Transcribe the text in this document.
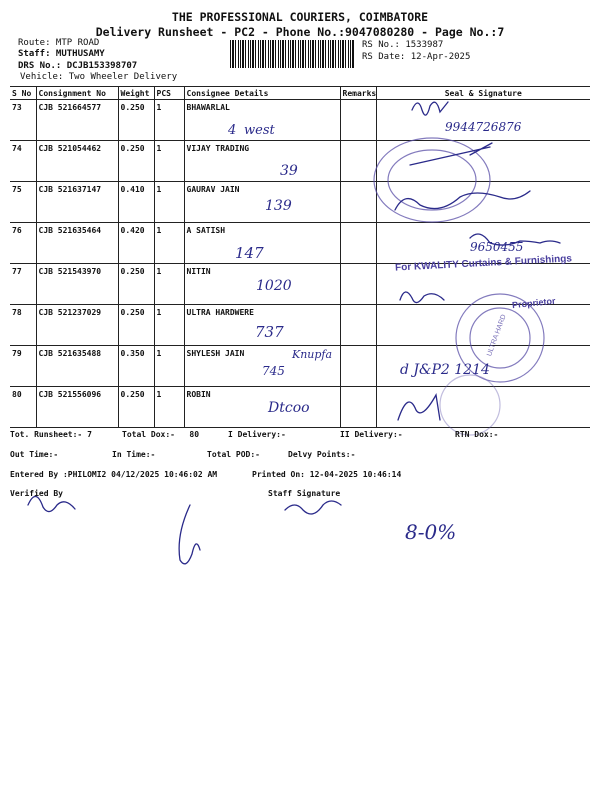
THE PROFESSIONAL COURIERS, COIMBATORE
Delivery Runsheet - PC2 - Phone No.:9047080280 - Page No.:7
Route: MTP ROAD
Staff: MUTHUSAMY
DRS No.: DCJB153398707
Vehicle: Two Wheeler Delivery
RS No.: 1533987
RS Date: 12-Apr-2025
S No	Consignment No	Weight	PCS	Consignee Details	Remarks	Seal & Signature
73	CJB 521664577	0.250	1	BHAWARLAL		
74	CJB 521054462	0.250	1	VIJAY TRADING		
75	CJB 521637147	0.410	1	GAURAV JAIN		
76	CJB 521635464	0.420	1	A SATISH		
77	CJB 521543970	0.250	1	NITIN		
78	CJB 521237029	0.250	1	ULTRA HARDWERE		
79	CJB 521635488	0.350	1	SHYLESH JAIN		
80	CJB 521556096	0.250	1	ROBIN		
4   west	9944726876
39
139
147	9650455
1020
737
Knupfa
745	d J&P2 1214
Dtcoo
8-0%
For KWALITY Curtains & Furnishings
Proprietor
ULTRA HARD
Tot. Runsheet:- 7	Total Dox:-   80	I Delivery:-	II Delivery:-	RTN Dox:-
Out Time:-	In Time:-	Total POD:-	Delvy Points:-
Entered By :PHILOMI2 04/12/2025 10:46:02 AM	Printed On: 12-04-2025 10:46:14
Verified By	Staff Signature
